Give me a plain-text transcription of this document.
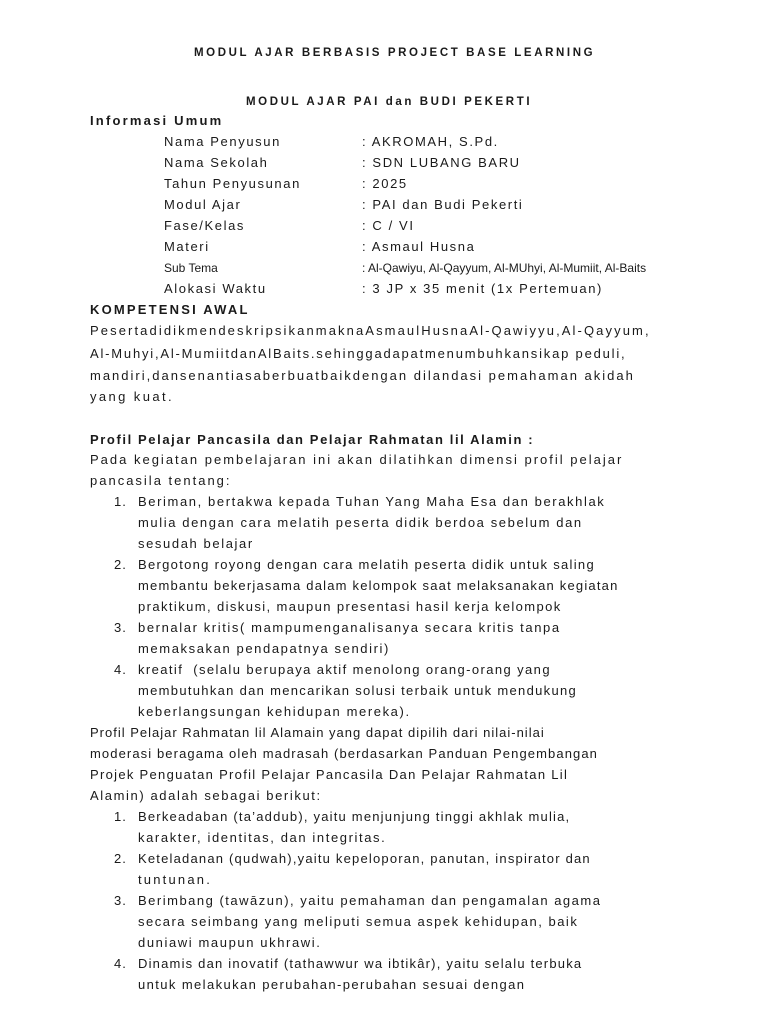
MODUL AJAR BERBASIS PROJECT BASE LEARNING
MODUL AJAR PAI dan BUDI PEKERTI
Informasi Umum
Nama Penyusun	: AKROMAH, S.Pd.
Nama Sekolah	: SDN LUBANG BARU
Tahun Penyusunan	: 2025
Modul Ajar	: PAI dan Budi Pekerti
Fase/Kelas	: C / VI
Materi	: Asmaul Husna
Sub Tema	: Al-Qawiyu, Al-Qayyum, Al-MUhyi, Al-Mumiit, Al-Baits
Alokasi Waktu	: 3 JP x 35 menit (1x Pertemuan)
KOMPETENSI AWAL
PesertadidikmendeskripsikanmaknaAsmaulHusnaAl-Qawiyyu,Al-Qayyum,
Al-Muhyi,Al-MumiitdanAlBaits.sehinggadapatmenumbuhkansikap peduli,
mandiri,dansenantiasaberbuatbaikdengan dilandasi pemahaman akidah
yang kuat.
Profil Pelajar Pancasila dan Pelajar Rahmatan lil Alamin :
Pada kegiatan pembelajaran ini akan dilatihkan dimensi profil pelajar
pancasila tentang:
1. Beriman, bertakwa kepada Tuhan Yang Maha Esa dan berakhlak
mulia dengan cara melatih peserta didik berdoa sebelum dan
sesudah belajar
2. Bergotong royong dengan cara melatih peserta didik untuk saling
membantu bekerjasama dalam kelompok saat melaksanakan kegiatan
praktikum, diskusi, maupun presentasi hasil kerja kelompok
3. bernalar kritis( mampumenganalisanya secara kritis tanpa
memaksakan pendapatnya sendiri)
4. kreatif  (selalu berupaya aktif menolong orang-orang yang
membutuhkan dan mencarikan solusi terbaik untuk mendukung
keberlangsungan kehidupan mereka).
Profil Pelajar Rahmatan lil Alamain yang dapat dipilih dari nilai-nilai
moderasi beragama oleh madrasah (berdasarkan Panduan Pengembangan
Projek Penguatan Profil Pelajar Pancasila Dan Pelajar Rahmatan Lil
Alamin) adalah sebagai berikut:
1. Berkeadaban (ta’addub), yaitu menjunjung tinggi akhlak mulia,
karakter, identitas, dan integritas.
2. Keteladanan (qudwah),yaitu kepeloporan, panutan, inspirator dan
tuntunan.
3. Berimbang (tawāzun), yaitu pemahaman dan pengamalan agama
secara seimbang yang meliputi semua aspek kehidupan, baik
duniawi maupun ukhrawi.
4. Dinamis dan inovatif (tathawwur wa ibtikâr), yaitu selalu terbuka
untuk melakukan perubahan-perubahan sesuai dengan
